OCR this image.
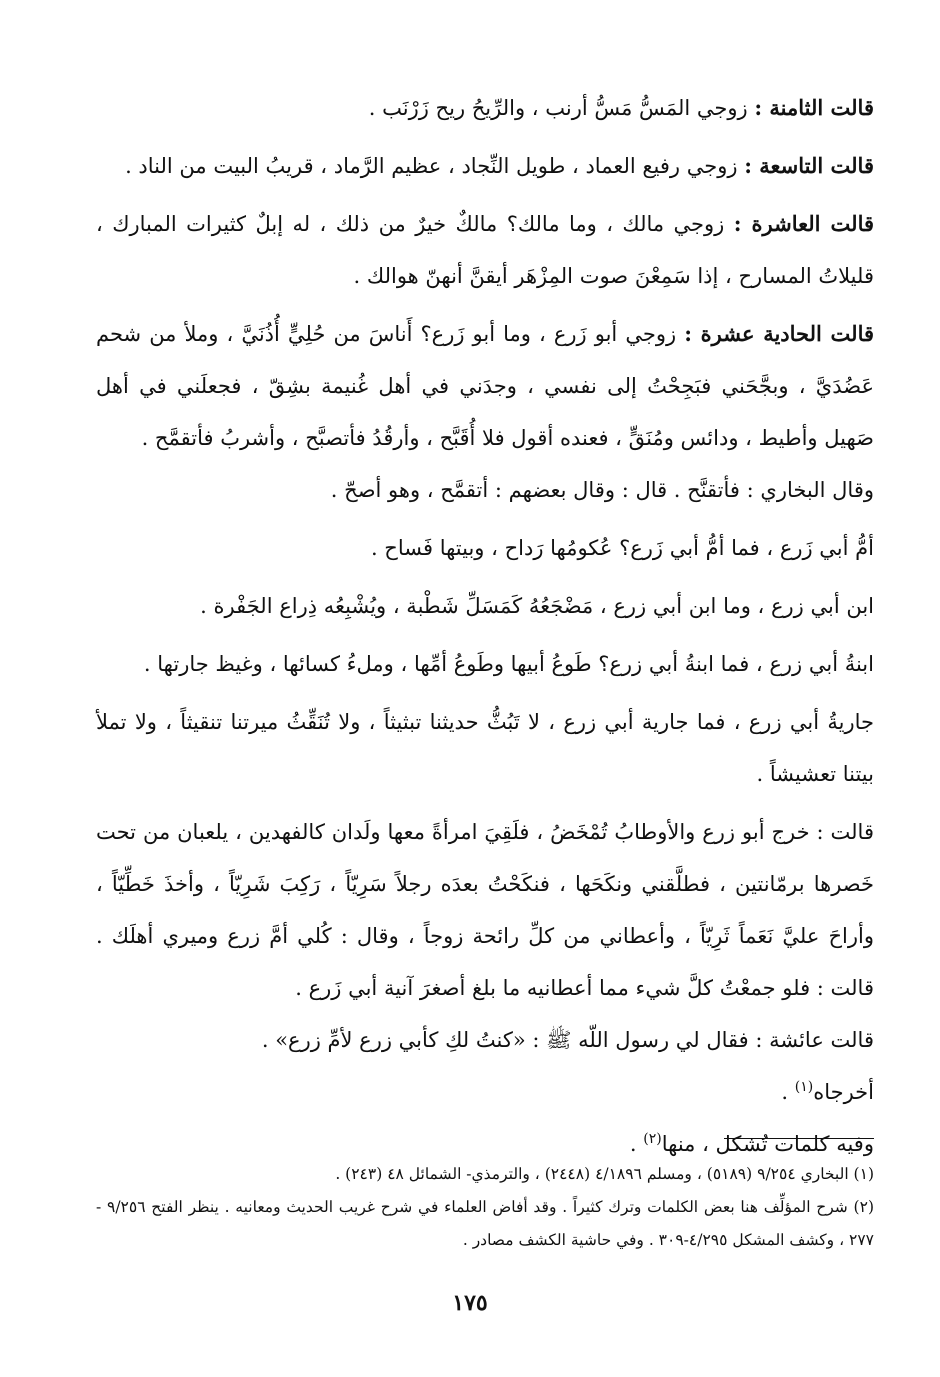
قالت الثامنة : زوجي المَسُّ مَسُّ أرنب ، والرِّيحُ ريح زَرْنَب .

قالت التاسعة : زوجي رفيع العماد ، طويل النِّجاد ، عظيم الرَّماد ، قريبُ البيت من الناد .

قالت العاشرة : زوجي مالك ، وما مالك؟ مالكٌ خيرٌ من ذلك ، له إبلٌ كثيرات المبارك ، قليلاتُ المسارح ، إذا سَمِعْنَ صوت المِزْهَر أيقنَّ أنهنّ هوالك .

قالت الحادية عشرة : زوجي أبو زَرع ، وما أبو زَرع؟ أَناسَ من حُلِيٍّ أُذُنَيَّ ، وملأ من شحم عَضُدَيَّ ، وبجَّحَني فبَجِحْتُ إلى نفسي ، وجدَني في أهل غُنيمة بشِقّ ، فجعلَني في أهل صَهيل وأطيط ، ودائس ومُنَقٍّ ، فعنده أقول فلا أُقَبَّح ، وأرقُدُ فأتصبَّح ، وأشربُ فأتقمَّح .

وقال البخاري : فأتقنَّح . قال : وقال بعضهم : أتقمَّح ، وهو أصحّ .

أمُّ أبي زَرع ، فما أمُّ أبي زَرع؟ عُكومُها رَداح ، وبيتها فَساح .

ابن أبي زرع ، وما ابن أبي زرع ، مَضْجَعُهُ كَمَسَلِّ شَطْبة ، ويُشْبِعُه ذِراع الجَفْرة .

ابنةُ أبي زرع ، فما ابنةُ أبي زرع؟ طَوعُ أبيها وطَوعُ أمِّها ، وملءُ كسائها ، وغيظ جارتها .

جاريةُ أبي زرع ، فما جارية أبي زرع ، لا تَبُثُّ حديثنا تبثيثاً ، ولا تُنَقِّثُ ميرتنا تنقيثاً ، ولا تملأ بيتنا تعشيشاً .

قالت : خرج أبو زرع والأوطابُ تُمْخَضُ ، فلَقِيَ امرأةً معها ولَدان كالفهدين ، يلعبان من تحت خَصرها برمّانتين ، فطلَّقني ونكَحَها ، فنكَحْتُ بعدَه رجلاً سَرِيّاً ، رَكِبَ شَرِيّاً ، وأخذَ خَطِّيّاً ، وأراحَ عليَّ نَعَماً ثَرِيّاً ، وأعطاني من كلِّ رائحة زوجاً ، وقال : كُلي أمَّ زرع وميري أهلَك . قالت : فلو جمعْتُ كلَّ شيء مما أعطانيه ما بلغ أصغرَ آنية أبي زَرع .

قالت عائشة : فقال لي رسول اللّه ﷺ : «كنتُ لكِ كأبي زرع لأمِّ زرع» .

أخرجاه$^{(١)}$ .

وفيه كلمات تُشكل ، منها$^{(٢)}$ .

(١) البخاري ٩/٢٥٤ (٥١٨٩) ، ومسلم ٤/١٨٩٦ (٢٤٤٨) ، والترمذي- الشمائل ٤٨ (٢٤٣) .

(٢) شرح المؤلِّف هنا بعض الكلمات وترك كثيراً . وقد أفاض العلماء في شرح غريب الحديث ومعانيه . ينظر الفتح ٩/٢٥٦ - ٢٧٧ ، وكشف المشكل ٤/٢٩٥-٣٠٩ . وفي حاشية الكشف مصادر .

١٧٥
